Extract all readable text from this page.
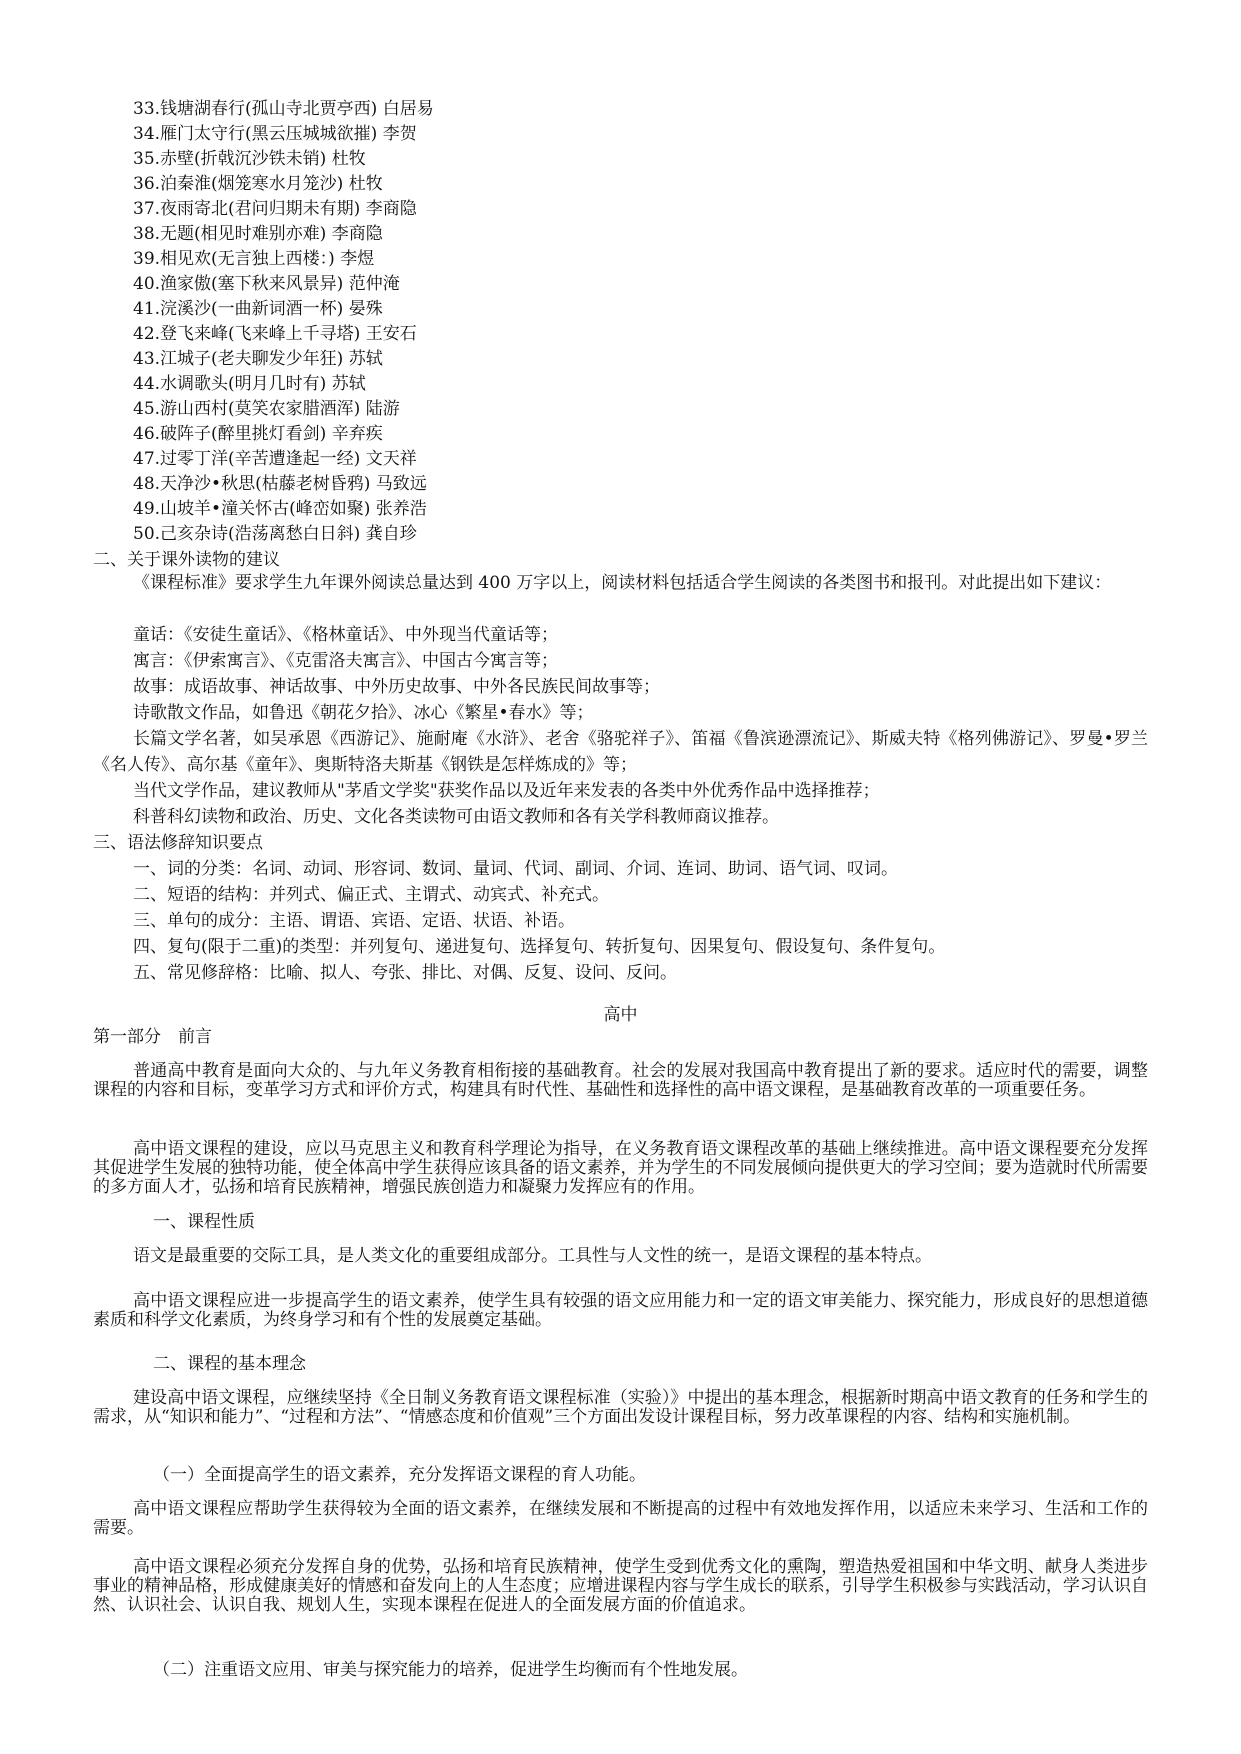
33.钱塘湖春行(孤山寺北贾亭西) 白居易
34.雁门太守行(黑云压城城欲摧) 李贺
35.赤壁(折戟沉沙铁未销) 杜牧
36.泊秦淮(烟笼寒水月笼沙) 杜牧
37.夜雨寄北(君问归期未有期) 李商隐
38.无题(相见时难别亦难) 李商隐
39.相见欢(无言独上西楼：) 李煜
40.渔家傲(塞下秋来风景异) 范仲淹
41.浣溪沙(一曲新词酒一杯) 晏殊
42.登飞来峰(飞来峰上千寻塔) 王安石
43.江城子(老夫聊发少年狂) 苏轼
44.水调歌头(明月几时有) 苏轼
45.游山西村(莫笑农家腊酒浑) 陆游
46.破阵子(醉里挑灯看剑) 辛弃疾
47.过零丁洋(辛苦遭逢起一经) 文天祥
48.天净沙•秋思(枯藤老树昏鸦) 马致远
49.山坡羊•潼关怀古(峰峦如聚) 张养浩
50.己亥杂诗(浩荡离愁白日斜) 龚自珍
二、关于课外读物的建议
《课程标准》要求学生九年课外阅读总量达到 400 万字以上，阅读材料包括适合学生阅读的各类图书和报刊。对此提出如下建议：
童话：《安徒生童话》、《格林童话》、中外现当代童话等；
寓言：《伊索寓言》、《克雷洛夫寓言》、中国古今寓言等；
故事：成语故事、神话故事、中外历史故事、中外各民族民间故事等；
诗歌散文作品，如鲁迅《朝花夕拾》、冰心《繁星•春水》等；
长篇文学名著，如吴承恩《西游记》、施耐庵《水浒》、老舍《骆驼祥子》、笛福《鲁滨逊漂流记》、斯威夫特《格列佛游记》、罗曼•罗兰《名人传》、高尔基《童年》、奥斯特洛夫斯基《钢铁是怎样炼成的》等；
当代文学作品，建议教师从"茅盾文学奖"获奖作品以及近年来发表的各类中外优秀作品中选择推荐；
科普科幻读物和政治、历史、文化各类读物可由语文教师和各有关学科教师商议推荐。
三、语法修辞知识要点
一、词的分类：名词、动词、形容词、数词、量词、代词、副词、介词、连词、助词、语气词、叹词。
二、短语的结构：并列式、偏正式、主谓式、动宾式、补充式。
三、单句的成分：主语、谓语、宾语、定语、状语、补语。
四、复句(限于二重)的类型：并列复句、递进复句、选择复句、转折复句、因果复句、假设复句、条件复句。
五、常见修辞格：比喻、拟人、夸张、排比、对偶、反复、设问、反问。
高中
第一部分　前言
普通高中教育是面向大众的、与九年义务教育相衔接的基础教育。社会的发展对我国高中教育提出了新的要求。适应时代的需要，调整课程的内容和目标，变革学习方式和评价方式，构建具有时代性、基础性和选择性的高中语文课程，是基础教育改革的一项重要任务。
高中语文课程的建设，应以马克思主义和教育科学理论为指导，在义务教育语文课程改革的基础上继续推进。高中语文课程要充分发挥其促进学生发展的独特功能，使全体高中学生获得应该具备的语文素养，并为学生的不同发展倾向提供更大的学习空间；要为造就时代所需要的多方面人才，弘扬和培育民族精神，增强民族创造力和凝聚力发挥应有的作用。
一、课程性质
语文是最重要的交际工具，是人类文化的重要组成部分。工具性与人文性的统一，是语文课程的基本特点。
高中语文课程应进一步提高学生的语文素养，使学生具有较强的语文应用能力和一定的语文审美能力、探究能力，形成良好的思想道德素质和科学文化素质，为终身学习和有个性的发展奠定基础。
二、课程的基本理念
建设高中语文课程，应继续坚持《全日制义务教育语文课程标准（实验）》中提出的基本理念，根据新时期高中语文教育的任务和学生的需求，从“知识和能力”、“过程和方法”、“情感态度和价值观”三个方面出发设计课程目标，努力改革课程的内容、结构和实施机制。
（一）全面提高学生的语文素养，充分发挥语文课程的育人功能。
高中语文课程应帮助学生获得较为全面的语文素养，在继续发展和不断提高的过程中有效地发挥作用，以适应未来学习、生活和工作的需要。
高中语文课程必须充分发挥自身的优势，弘扬和培育民族精神，使学生受到优秀文化的熏陶，塑造热爱祖国和中华文明、献身人类进步事业的精神品格，形成健康美好的情感和奋发向上的人生态度；应增进课程内容与学生成长的联系，引导学生积极参与实践活动，学习认识自然、认识社会、认识自我、规划人生，实现本课程在促进人的全面发展方面的价值追求。
（二）注重语文应用、审美与探究能力的培养，促进学生均衡而有个性地发展。
